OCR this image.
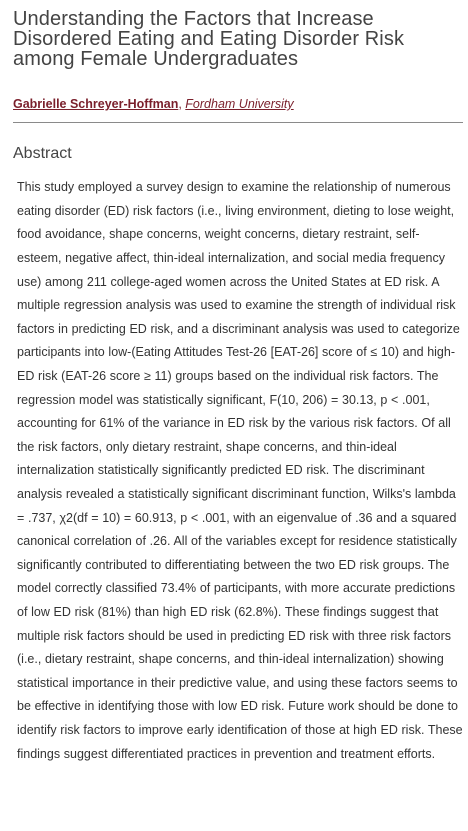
Understanding the Factors that Increase Disordered Eating and Eating Disorder Risk among Female Undergraduates
Gabrielle Schreyer-Hoffman, Fordham University
Abstract

This study employed a survey design to examine the relationship of numerous eating disorder (ED) risk factors (i.e., living environment, dieting to lose weight, food avoidance, shape concerns, weight concerns, dietary restraint, self-esteem, negative affect, thin-ideal internalization, and social media frequency use) among 211 college-aged women across the United States at ED risk. A multiple regression analysis was used to examine the strength of individual risk factors in predicting ED risk, and a discriminant analysis was used to categorize participants into low-(Eating Attitudes Test-26 [EAT-26] score of ≤ 10) and high-ED risk (EAT-26 score ≥ 11) groups based on the individual risk factors. The regression model was statistically significant, F(10, 206) = 30.13, p < .001, accounting for 61% of the variance in ED risk by the various risk factors. Of all the risk factors, only dietary restraint, shape concerns, and thin-ideal internalization statistically significantly predicted ED risk. The discriminant analysis revealed a statistically significant discriminant function, Wilks's lambda = .737, χ2(df = 10) = 60.913, p < .001, with an eigenvalue of .36 and a squared canonical correlation of .26. All of the variables except for residence statistically significantly contributed to differentiating between the two ED risk groups. The model correctly classified 73.4% of participants, with more accurate predictions of low ED risk (81%) than high ED risk (62.8%). These findings suggest that multiple risk factors should be used in predicting ED risk with three risk factors (i.e., dietary restraint, shape concerns, and thin-ideal internalization) showing statistical importance in their predictive value, and using these factors seems to be effective in identifying those with low ED risk. Future work should be done to identify risk factors to improve early identification of those at high ED risk. These findings suggest differentiated practices in prevention and treatment efforts.
